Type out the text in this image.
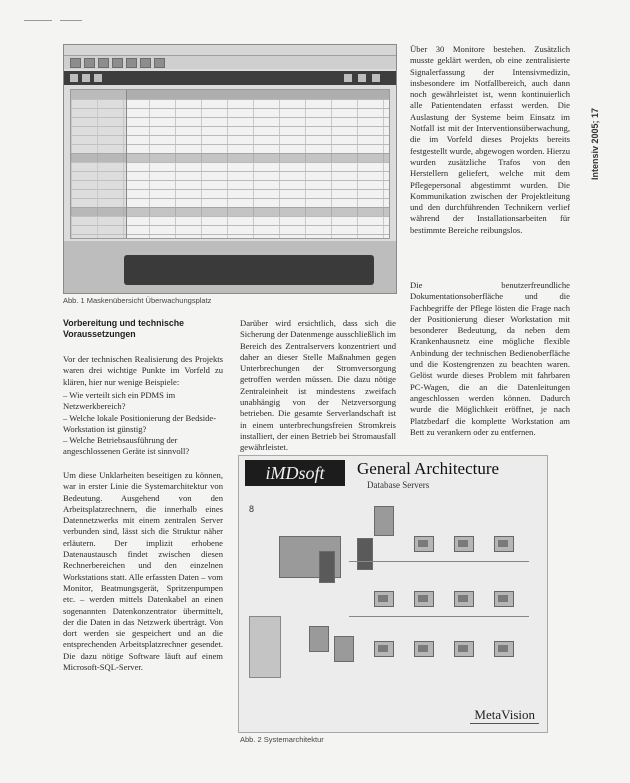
Abb. 1 Maskenübersicht Überwachungsplatz
Über 30 Monitore bestehen. Zusätzlich musste geklärt werden, ob eine zentralisierte Signalerfassung der Intensivmedizin, insbesondere im Notfallbereich, auch dann noch gewährleistet ist, wenn kontinuierlich alle Patientendaten erfasst werden. Die Auslastung der Systeme beim Einsatz im Notfall ist mit der Interventionsüberwachung, die im Vorfeld dieses Projekts bereits festgestellt wurde, abgewogen worden. Hierzu wurden zusätzliche Trafos von den Herstellern geliefert, welche mit dem Pflegepersonal abgestimmt wurden. Die Kommunikation zwischen der Projektleitung und den durchführenden Technikern verlief während der Installationsarbeiten für bestimmte Bereiche reibungslos.
Die benutzerfreundliche Dokumentationsoberfläche und die Fachbegriffe der Pflege lösten die Frage nach der Positionierung dieser Workstation mit besonderer Bedeutung, da neben dem Krankenhausnetz eine mögliche flexible Anbindung der technischen Bedienoberfläche und die Kostengrenzen zu beachten waren. Gelöst wurde dieses Problem mit fahrbaren PC-Wagen, die an die Datenleitungen angeschlossen werden können. Dadurch wurde die Möglichkeit eröffnet, je nach Platzbedarf die komplette Workstation am Bett zu verankern oder zu entfernen.
Intensiv 2005; 17
Vorbereitung und technische Voraussetzungen
Vor der technischen Realisierung des Projekts waren drei wichtige Punkte im Vorfeld zu klären, hier nur wenige Beispiele:
– Wie verteilt sich ein PDMS im Netzwerkbereich?
– Welche lokale Positionierung der Bedside-Workstation ist günstig?
– Welche Betriebsausführung der angeschlossenen Geräte ist sinnvoll?
Um diese Unklarheiten beseitigen zu können, war in erster Linie die Systemarchitektur von Bedeutung. Ausgehend von den Arbeitsplatzrechnern, die innerhalb eines Datennetzwerks mit einem zentralen Server verbunden sind, lässt sich die Struktur näher erläutern. Der implizit erhobene Datenaustausch findet zwischen diesen Rechnerbereichen und den einzelnen Workstations statt. Alle erfassten Daten – vom Monitor, Beatmungsgerät, Spritzenpumpen etc. – werden mittels Datenkabel an einen sogenannten Datenkonzentrator übermittelt, der die Daten in das Netzwerk überträgt. Von dort werden sie gespeichert und an die entsprechenden Arbeitsplatzrechner gesendet. Die dazu nötige Software läuft auf einem Microsoft-SQL-Server.
Darüber wird ersichtlich, dass sich die Sicherung der Datenmenge ausschließlich im Bereich des Zentralservers konzentriert und daher an dieser Stelle Maßnahmen gegen Unterbrechungen der Stromversorgung getroffen werden müssen. Die dazu nötige Zentraleinheit ist mindestens zweifach unabhängig von der Netzversorgung betrieben. Die gesamte Serverlandschaft ist in einem unterbrechungsfreien Stromkreis installiert, der einen Betrieb bei Stromausfall gewährleistet.
iMDsoft	General Architecture
Database Servers
8
MetaVision
Abb. 2 Systemarchitektur
